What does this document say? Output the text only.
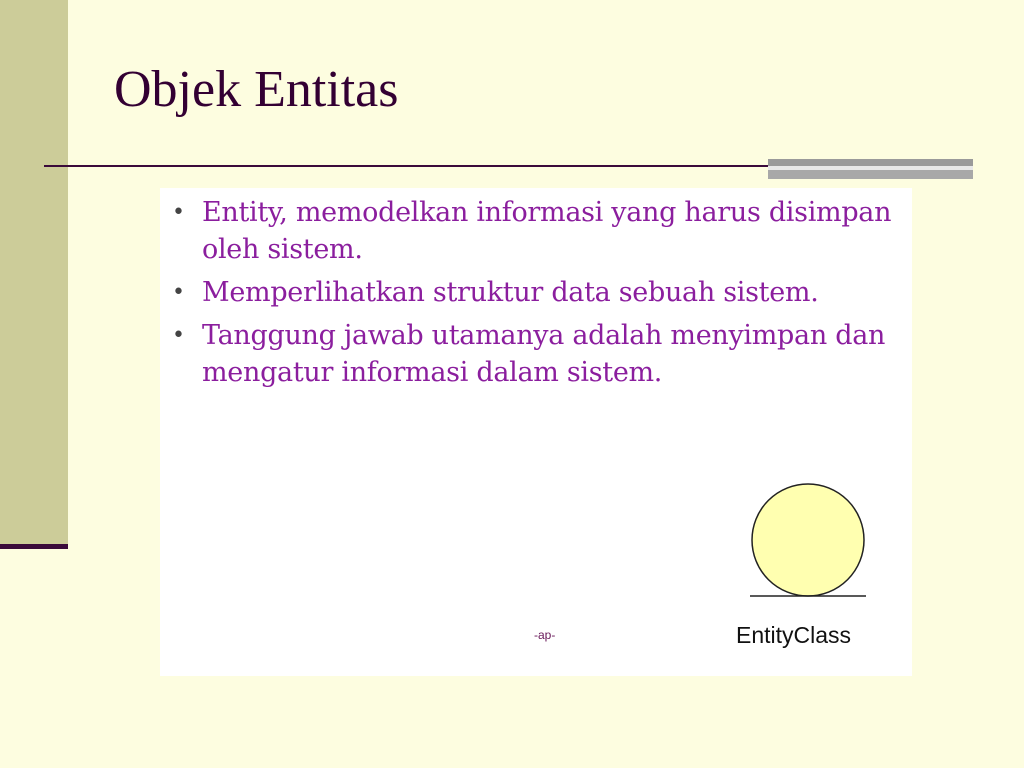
Objek Entitas
• Entity, memodelkan informasi yang harus disimpan oleh sistem.
• Memperlihatkan struktur data sebuah sistem.
• Tanggung jawab utamanya adalah menyimpan dan mengatur informasi dalam sistem.
-ap-	EntityClass
